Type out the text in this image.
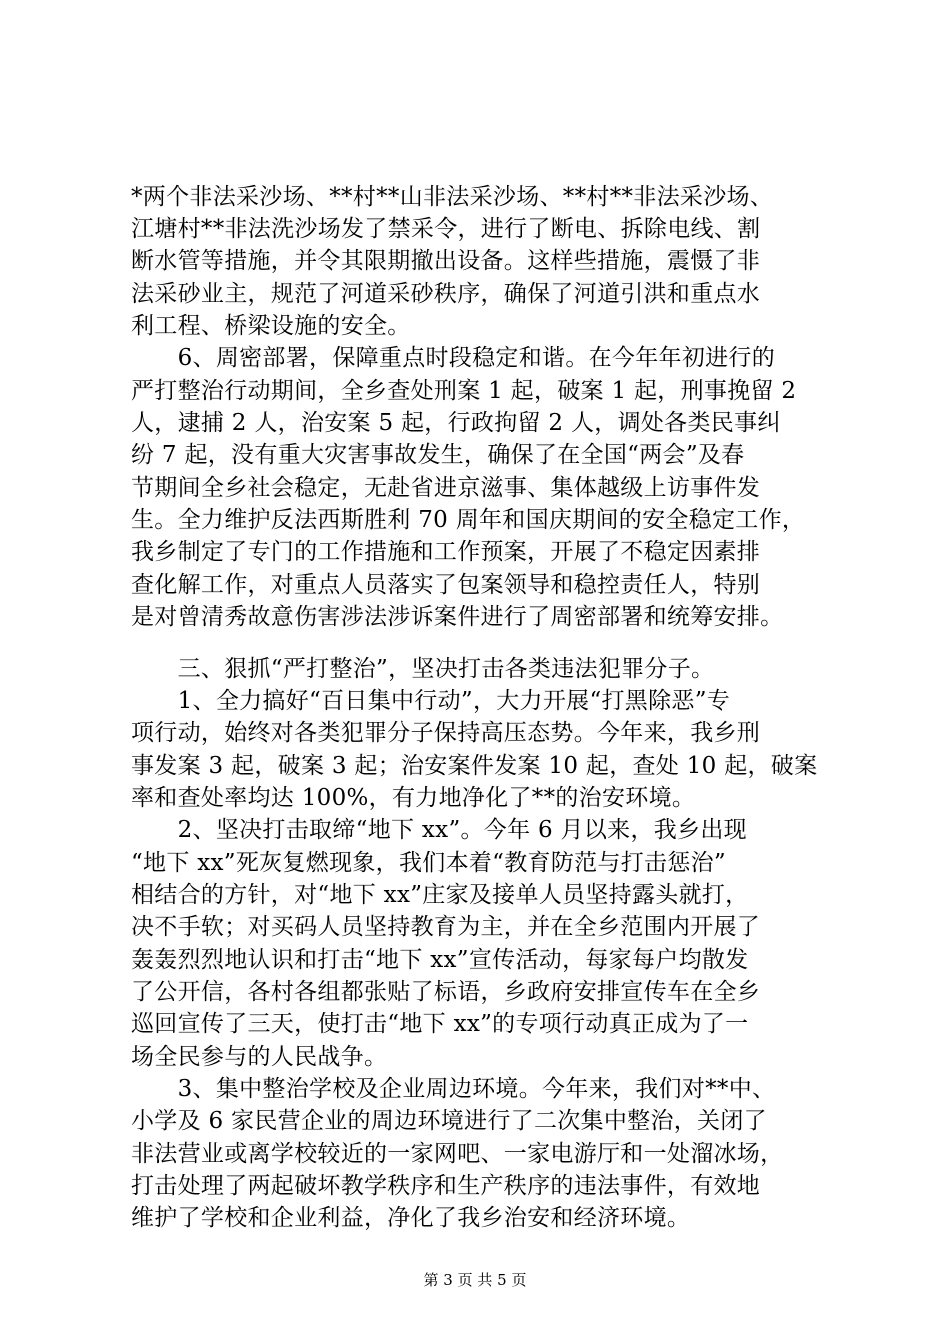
*两个非法采沙场、**村**山非法采沙场、**村**非法采沙场、
江塘村**非法洗沙场发了禁采令，进行了断电、拆除电线、割
断水管等措施，并令其限期撤出设备。这样些措施，震慑了非
法采砂业主，规范了河道采砂秩序，确保了河道引洪和重点水
利工程、桥梁设施的安全。
　　6、周密部署，保障重点时段稳定和谐。在今年年初进行的
严打整治行动期间，全乡查处刑案 1 起，破案 1 起，刑事挽留 2
人，逮捕 2 人，治安案 5 起，行政拘留 2 人，调处各类民事纠
纷 7 起，没有重大灾害事故发生，确保了在全国“两会”及春
节期间全乡社会稳定，无赴省进京滋事、集体越级上访事件发
生。全力维护反法西斯胜利 70 周年和国庆期间的安全稳定工作，
我乡制定了专门的工作措施和工作预案，开展了不稳定因素排
查化解工作，对重点人员落实了包案领导和稳控责任人，特别
是对曾清秀故意伤害涉法涉诉案件进行了周密部署和统筹安排。
　　三、狠抓“严打整治”，坚决打击各类违法犯罪分子。
　　1、全力搞好“百日集中行动”，大力开展“打黑除恶”专
项行动，始终对各类犯罪分子保持高压态势。今年来，我乡刑
事发案 3 起，破案 3 起；治安案件发案 10 起，查处 10 起，破案
率和查处率均达 100%，有力地净化了**的治安环境。
　　2、坚决打击取缔“地下 xx”。今年 6 月以来，我乡出现
“地下 xx”死灰复燃现象，我们本着“教育防范与打击惩治”
相结合的方针，对“地下 xx”庄家及接单人员坚持露头就打，
决不手软；对买码人员坚持教育为主，并在全乡范围内开展了
轰轰烈烈地认识和打击“地下 xx”宣传活动，每家每户均散发
了公开信，各村各组都张贴了标语，乡政府安排宣传车在全乡
巡回宣传了三天，使打击“地下 xx”的专项行动真正成为了一
场全民参与的人民战争。
　　3、集中整治学校及企业周边环境。今年来，我们对**中、
小学及 6 家民营企业的周边环境进行了二次集中整治，关闭了
非法营业或离学校较近的一家网吧、一家电游厅和一处溜冰场，
打击处理了两起破坏教学秩序和生产秩序的违法事件，有效地
维护了学校和企业利益，净化了我乡治安和经济环境。
第 3 页 共 5 页
